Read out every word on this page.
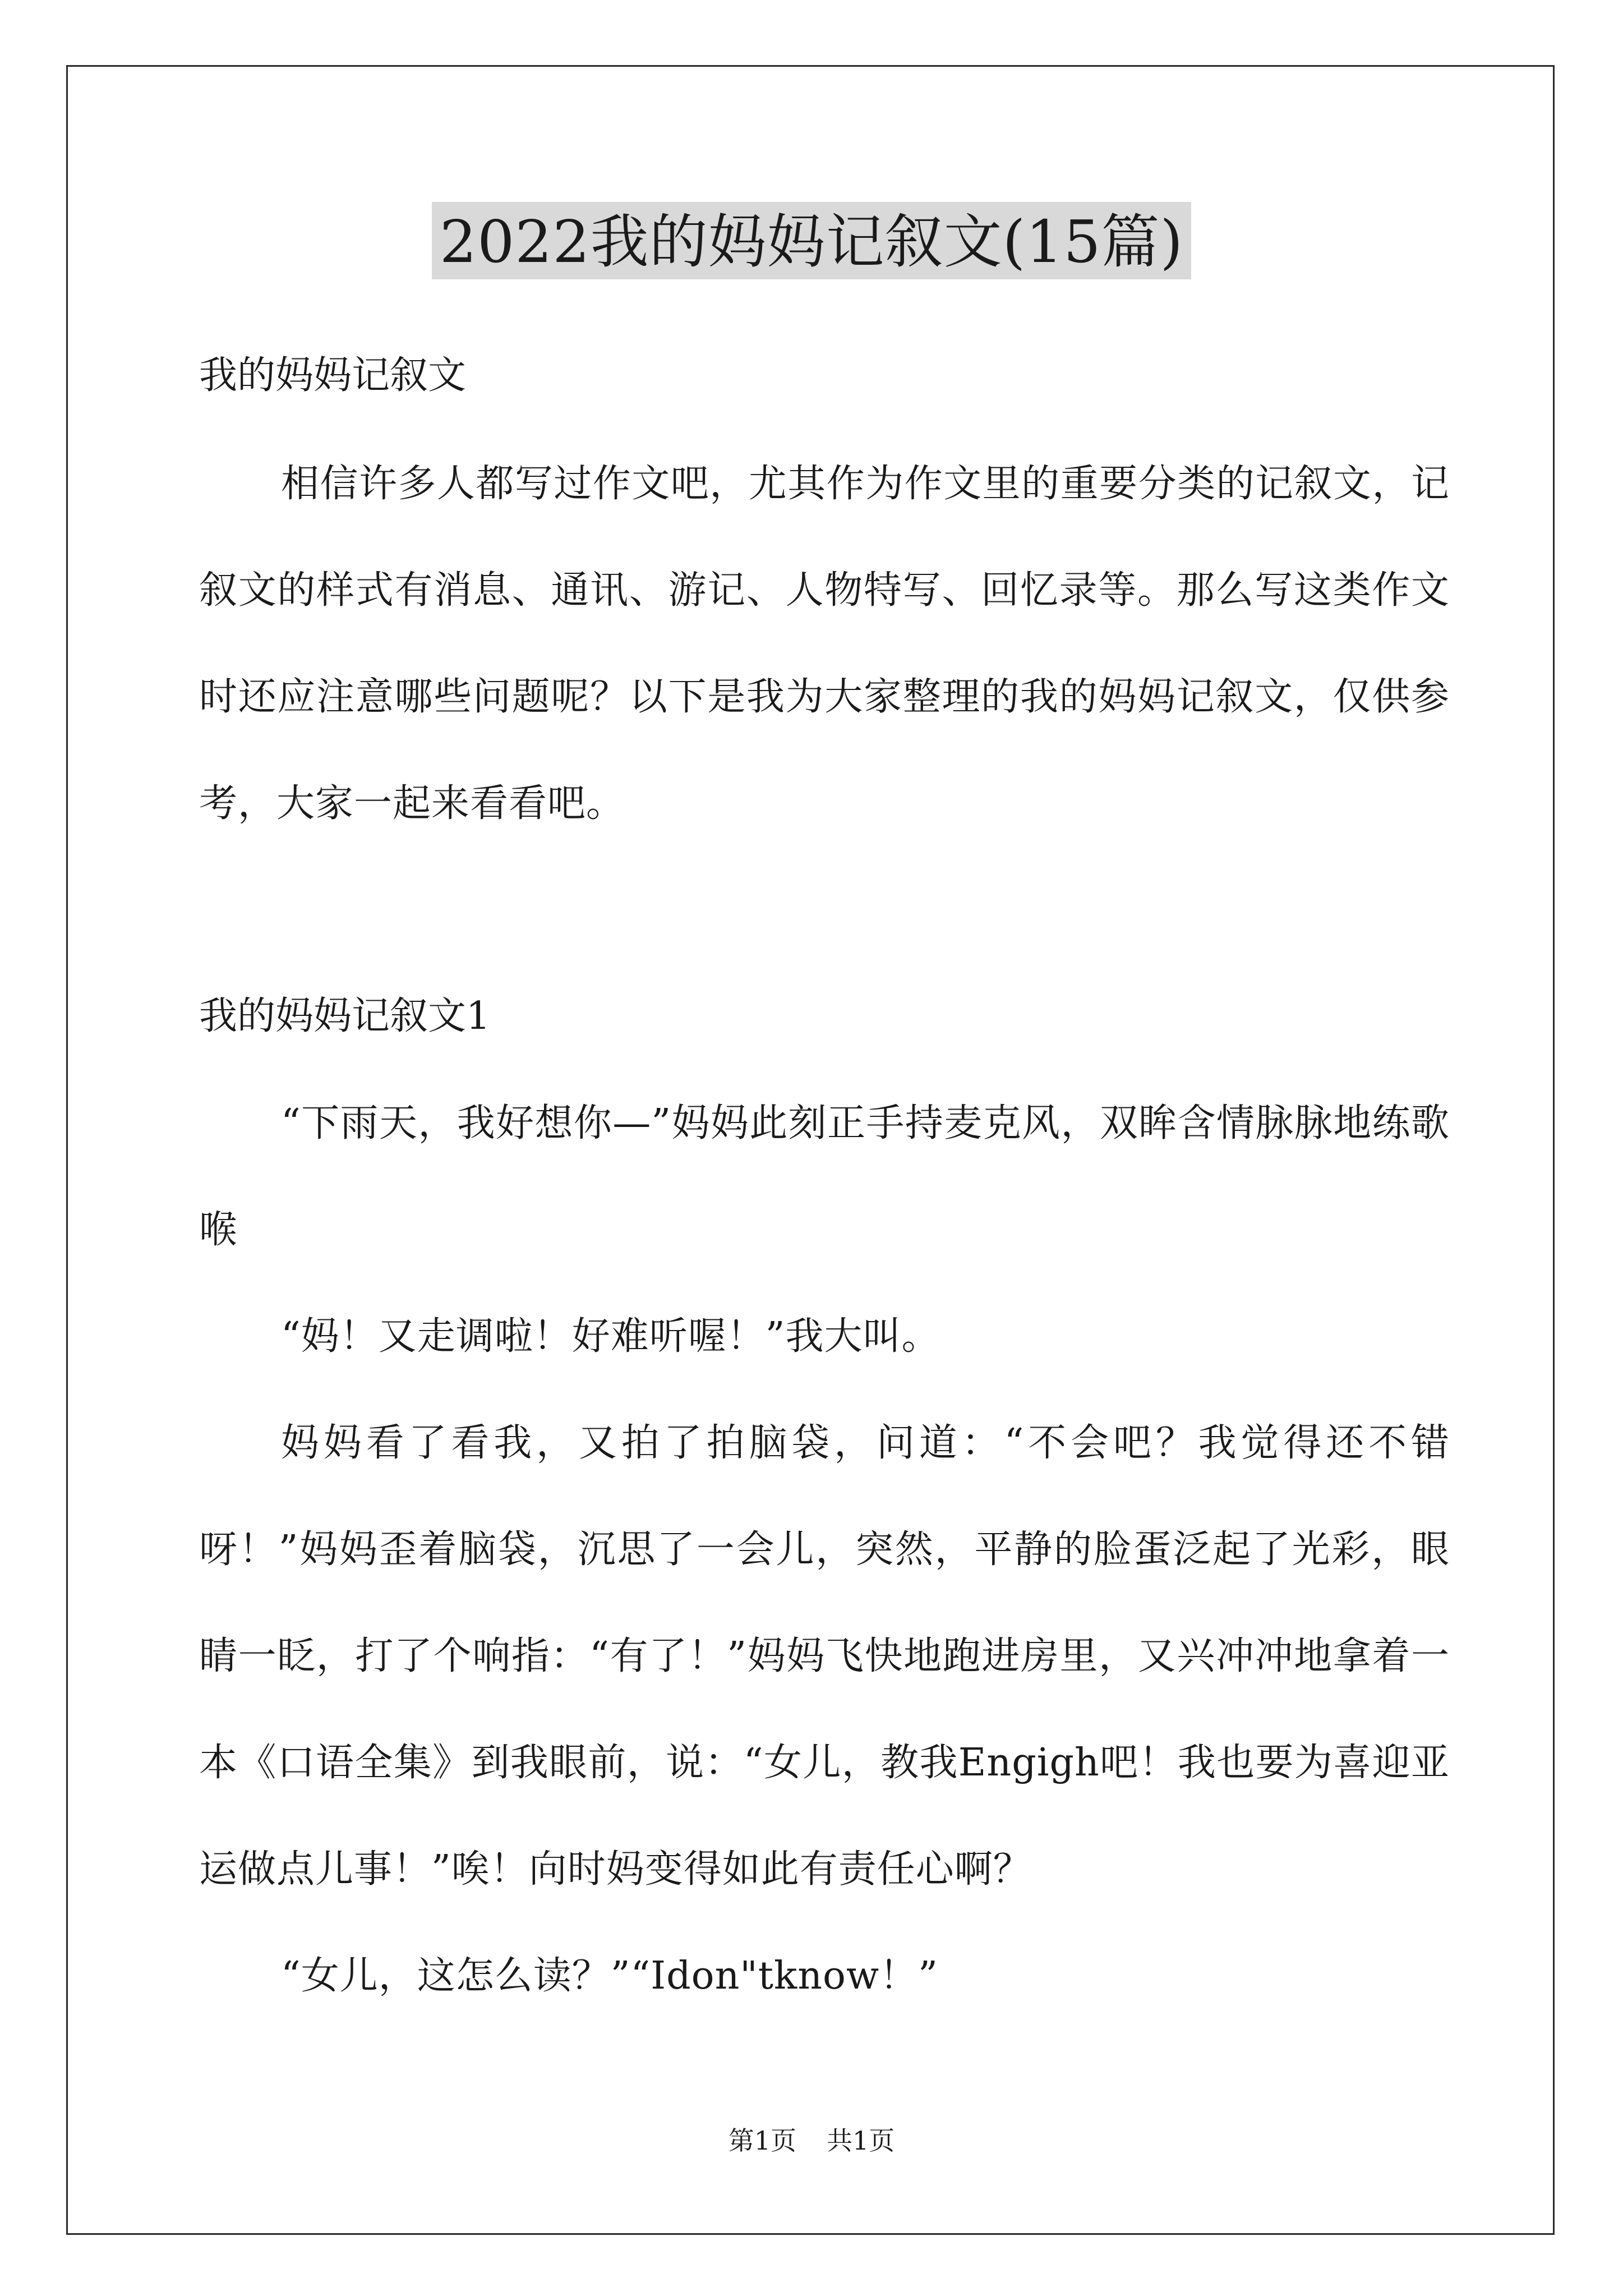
2022我的妈妈记叙文(15篇)
我的妈妈记叙文

相信许多人都写过作文吧，尤其作为作文里的重要分类的记叙文，记叙文的样式有消息、通讯、游记、人物特写、回忆录等。那么写这类作文时还应注意哪些问题呢？以下是我为大家整理的我的妈妈记叙文，仅供参考，大家一起来看看吧。

我的妈妈记叙文1

“下雨天，我好想你—”妈妈此刻正手持麦克风，双眸含情脉脉地练歌喉

“妈！又走调啦！好难听喔！”我大叫。

妈妈看了看我，又拍了拍脑袋，问道：“不会吧？我觉得还不错呀！”妈妈歪着脑袋，沉思了一会儿，突然，平静的脸蛋泛起了光彩，眼睛一眨，打了个响指：“有了！”妈妈飞快地跑进房里，又兴冲冲地拿着一本《口语全集》到我眼前，说：“女儿，教我Engigh吧！我也要为喜迎亚运做点儿事！”唉！向时妈变得如此有责任心啊？

“女儿，这怎么读？”“Idon"tknow！”

第1页 共1页
